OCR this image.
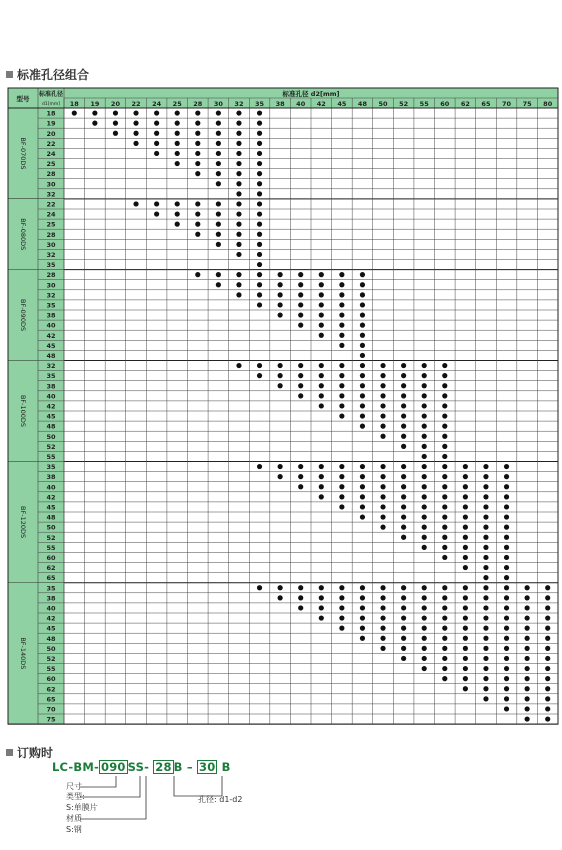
标准孔径组合
型号
标准孔径
d1[mm]
标准孔径 d2[mm]
18 19 20 22 24 25 28 30 32 35 38 40 42 45 48 50 52 55 60 62 65 70 75 80
BF-070DS
18
19
20
22
24
25
28
30
32
BF-080DS
22
24
25
28
30
32
35
BF-090DS
28
30
32
35
38
40
42
45
48
BF-100DS
32
35
38
40
42
45
48
50
52
55
BF-120DS
35
38
40
42
45
48
50
52
55
60
62
65
BF-140DS
35
38
40
42
45
48
50
52
55
60
62
65
70
75
订购时
LC-BM- 090 SS- 28 B – 30 B
尺寸
类型:
S:单膜片
材质
S:钢
孔径: d1-d2
